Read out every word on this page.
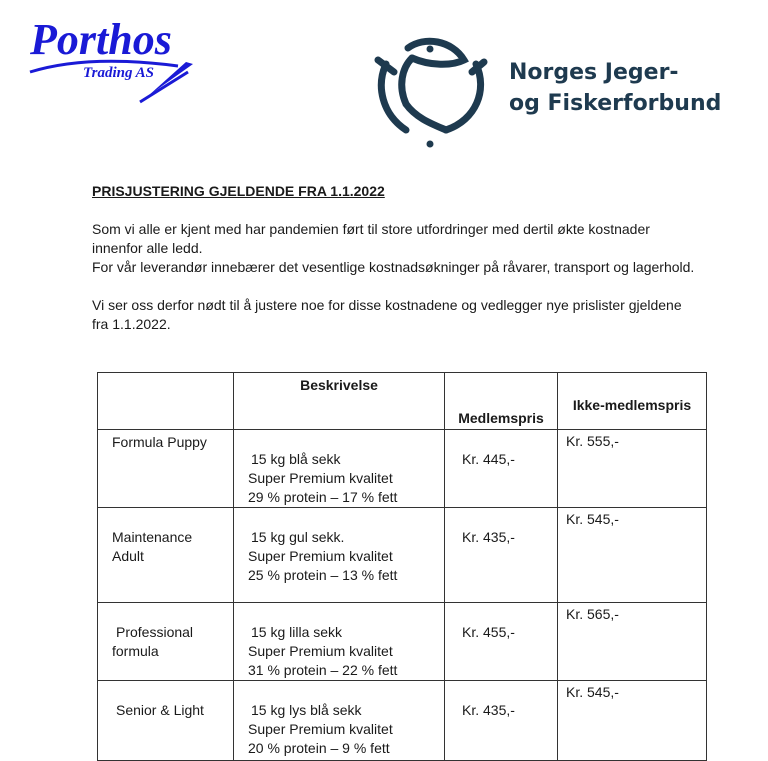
Porthos
Trading AS	Norges Jeger-
og Fiskerforbund
PRISJUSTERING GJELDENDE FRA 1.1.2022
Som vi alle er kjent med har pandemien ført til store utfordringer med dertil økte kostnader
innenfor alle ledd.
For vår leverandør innebærer det vesentlige kostnadsøkninger på råvarer, transport og lagerhold.
Vi ser oss derfor nødt til å justere noe for disse kostnadene og vedlegger nye prislister gjeldene
fra 1.1.2022.
	Beskrivelse	Medlemspris	Ikke-medlemspris
Formula Puppy	15 kg blå sekk
Super Premium kvalitet
29 % protein – 17 % fett	Kr. 445,-	Kr. 555,-

Maintenance
Adult	15 kg gul sekk.
Super Premium kvalitet
25 % protein – 13 % fett	Kr. 435,-	Kr. 545,-

Professional
formula	15 kg lilla sekk
Super Premium kvalitet
31 % protein – 22 % fett	Kr. 455,-	Kr. 565,-

Senior & Light	15 kg lys blå sekk
Super Premium kvalitet
20 % protein – 9 % fett	Kr. 435,-	Kr. 545,-
